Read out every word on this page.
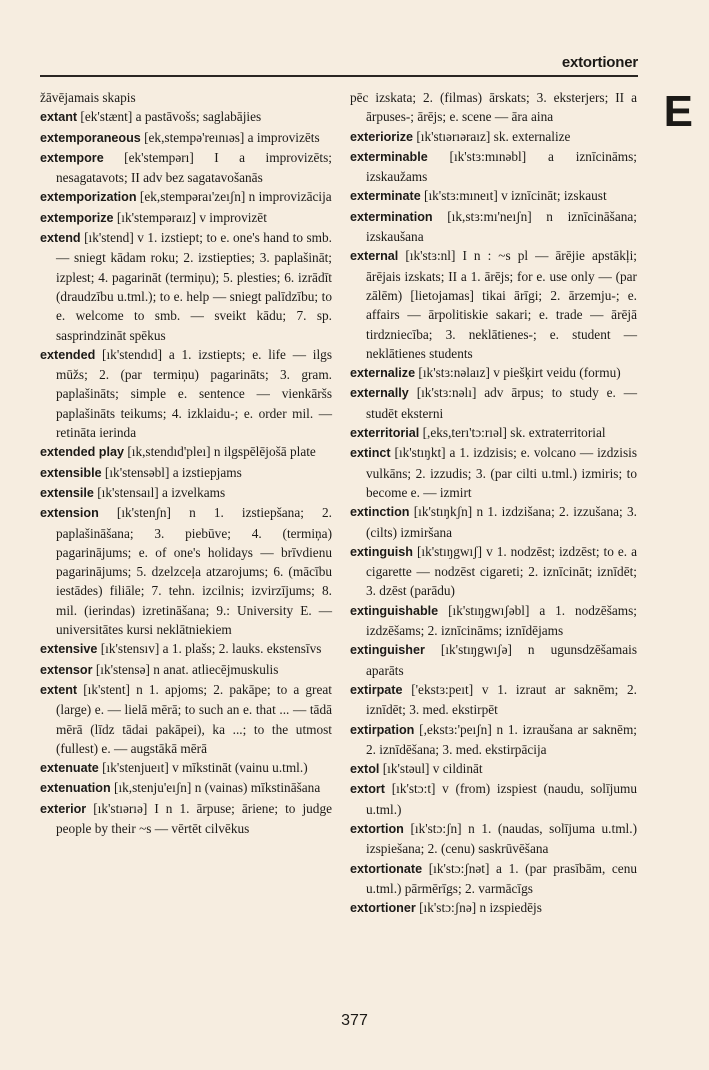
extortioner
E

žāvējamais skapis

extant [ek'stænt] a pastāvošs; saglabājies

extemporaneous [ek,stempə'reınıəs] a improvizēts

extempore [ek'stempərı] I a improvizēts; nesagatavots; II adv bez sagatavošanās

extemporization [ek,stempəraı'zeıʃn] n improvizācija

extemporize [ık'stempəraız] v improvizēt

extend [ık'stend] v 1. izstiept; to e. one's hand to smb. — sniegt kādam roku; 2. izstiepties; 3. paplašināt; izplest; 4. pagarināt (termiņu); 5. plesties; 6. izrādīt (draudzību u.tml.); to e. help — sniegt palīdzību; to e. welcome to smb. — sveikt kādu; 7. sp. sasprindzināt spēkus

extended [ık'stendıd] a 1. izstiepts; e. life — ilgs mūžs; 2. (par termiņu) pagarināts; 3. gram. paplašināts; simple e. sentence — vienkāršs paplašināts teikums; 4. izklaidu-; e. order mil. — retināta ierinda

extended play [ık,stendıd'pleı] n ilgspēlējošā plate

extensible [ık'stensəbl] a izstiepjams

extensile [ık'stensaıl] a izvelkams

extension [ık'stenʃn] n 1. izstiepšana; 2. paplašināšana; 3. piebūve; 4. (termiņa) pagarinājums; e. of one's holidays — brīvdienu pagarinājums; 5. dzelzceļa atzarojums; 6. (mācību iestādes) filiāle; 7. tehn. izcilnis; izvirzījums; 8. mil. (ierindas) izretināšana; 9.: University E. — universitātes kursi neklātniekiem

extensive [ık'stensıv] a 1. plašs; 2. lauks. ekstensīvs

extensor [ık'stensə] n anat. atliecējmuskulis

extent [ık'stent] n 1. apjoms; 2. pakāpe; to a great (large) e. — lielā mērā; to such an e. that ... — tādā mērā (līdz tādai pakāpei), ka ...; to the utmost (fullest) e. — augstākā mērā

extenuate [ık'stenjueıt] v mīkstināt (vainu u.tml.)

extenuation [ık,stenju'eıʃn] n (vainas) mīkstināšana

exterior [ık'stıərıə] I n 1. ārpuse; āriene; to judge people by their ~s — vērtēt cilvēkus

pēc izskata; 2. (filmas) ārskats; 3. eksterjers; II a ārpuses-; ārējs; e. scene — āra aina

exteriorize [ık'stıərıəraız] sk. externalize

exterminable [ık'stɜ:mınəbl] a iznīcināms; izskaužams

exterminate [ık'stɜ:mıneıt] v iznīcināt; izskaust

extermination [ık,stɜ:mı'neıʃn] n iznīcināšana; izskaušana

external [ık'stɜ:nl] I n : ~s pl — ārējie apstākļi; ārējais izskats; II a 1. ārējs; for e. use only — (par zālēm) [lietojamas] tikai ārīgi; 2. ārzemju-; e. affairs — ārpolitiskie sakari; e. trade — ārējā tirdzniecība; 3. neklātienes-; e. student — neklātienes students

externalize [ık'stɜ:nəlaız] v piešķirt veidu (formu)

externally [ık'stɜ:nəlı] adv ārpus; to study e. — studēt eksterni

exterritorial [,eks,terı'tɔ:rıəl] sk. extraterritorial

extinct [ık'stıŋkt] a 1. izdzisis; e. volcano — izdzisis vulkāns; 2. izzudis; 3. (par cilti u.tml.) izmiris; to become e. — izmirt

extinction [ık'stıŋkʃn] n 1. izdzišana; 2. izzušana; 3. (cilts) izmiršana

extinguish [ık'stıŋgwıʃ] v 1. nodzēst; izdzēst; to e. a cigarette — nodzēst cigareti; 2. iznīcināt; iznīdēt; 3. dzēst (parādu)

extinguishable [ık'stıŋgwıʃəbl] a 1. nodzēšams; izdzēšams; 2. iznīcināms; iznīdējams

extinguisher [ık'stıŋgwıʃə] n ugunsdzēšamais aparāts

extirpate ['ekstɜ:peıt] v 1. izraut ar saknēm; 2. iznīdēt; 3. med. ekstirpēt

extirpation [,ekstɜ:'peıʃn] n 1. izraušana ar saknēm; 2. iznīdēšana; 3. med. ekstirpācija

extol [ık'stəul] v cildināt

extort [ık'stɔ:t] v (from) izspiest (naudu, solījumu u.tml.)

extortion [ık'stɔ:ʃn] n 1. (naudas, solījuma u.tml.) izspiešana; 2. (cenu) saskrūvēšana

extortionate [ık'stɔ:ʃnət] a 1. (par prasībām, cenu u.tml.) pārmērīgs; 2. varmācīgs

extortioner [ık'stɔ:ʃnə] n izspiedējs

377
